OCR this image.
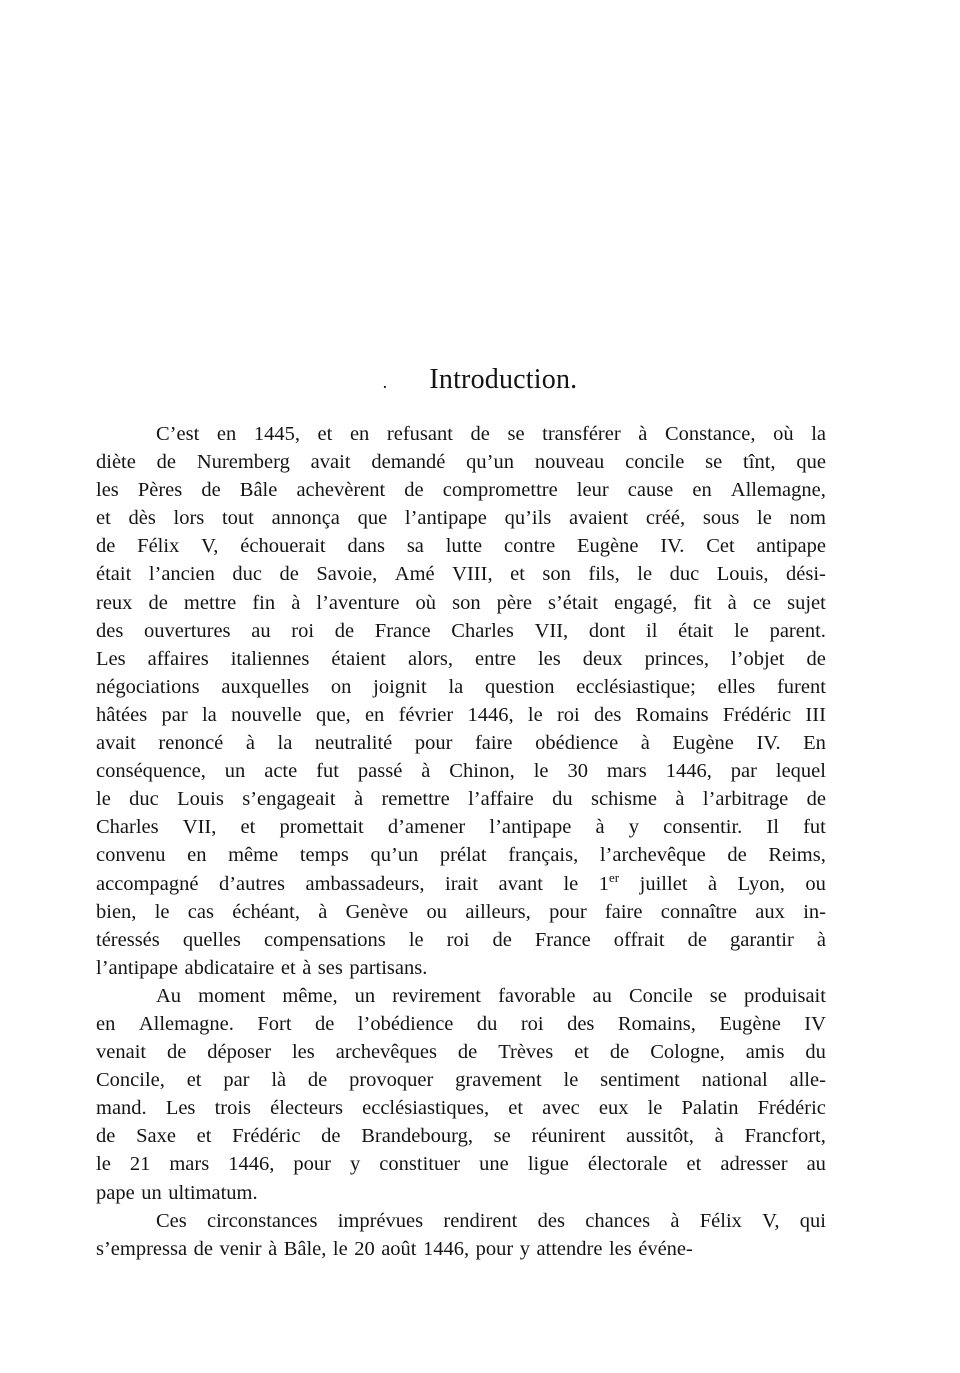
. Introduction.
C’est en 1445, et en refusant de se transférer à Constance, où la
diète de Nuremberg avait demandé qu’un nouveau concile se tînt, que
les Pères de Bâle achevèrent de compromettre leur cause en Allemagne,
et dès lors tout annonça que l’antipape qu’ils avaient créé, sous le nom
de Félix V, échouerait dans sa lutte contre Eugène IV. Cet antipape
était l’ancien duc de Savoie, Amé VIII, et son fils, le duc Louis, dési-
reux de mettre fin à l’aventure où son père s’était engagé, fit à ce sujet
des ouvertures au roi de France Charles VII, dont il était le parent.
Les affaires italiennes étaient alors, entre les deux princes, l’objet de
négociations auxquelles on joignit la question ecclésiastique; elles furent
hâtées par la nouvelle que, en février 1446, le roi des Romains Frédéric III
avait renoncé à la neutralité pour faire obédience à Eugène IV. En
conséquence, un acte fut passé à Chinon, le 30 mars 1446, par lequel
le duc Louis s’engageait à remettre l’affaire du schisme à l’arbitrage de
Charles VII, et promettait d’amener l’antipape à y consentir. Il fut
convenu en même temps qu’un prélat français, l’archevêque de Reims,
accompagné d’autres ambassadeurs, irait avant le 1er juillet à Lyon, ou
bien, le cas échéant, à Genève ou ailleurs, pour faire connaître aux in-
téressés quelles compensations le roi de France offrait de garantir à
l’antipape abdicataire et à ses partisans.
Au moment même, un revirement favorable au Concile se produisait
en Allemagne. Fort de l’obédience du roi des Romains, Eugène IV
venait de déposer les archevêques de Trèves et de Cologne, amis du
Concile, et par là de provoquer gravement le sentiment national alle-
mand. Les trois électeurs ecclésiastiques, et avec eux le Palatin Frédéric
de Saxe et Frédéric de Brandebourg, se réunirent aussitôt, à Francfort,
le 21 mars 1446, pour y constituer une ligue électorale et adresser au
pape un ultimatum.
Ces circonstances imprévues rendirent des chances à Félix V, qui
s’empressa de venir à Bâle, le 20 août 1446, pour y attendre les événe-
